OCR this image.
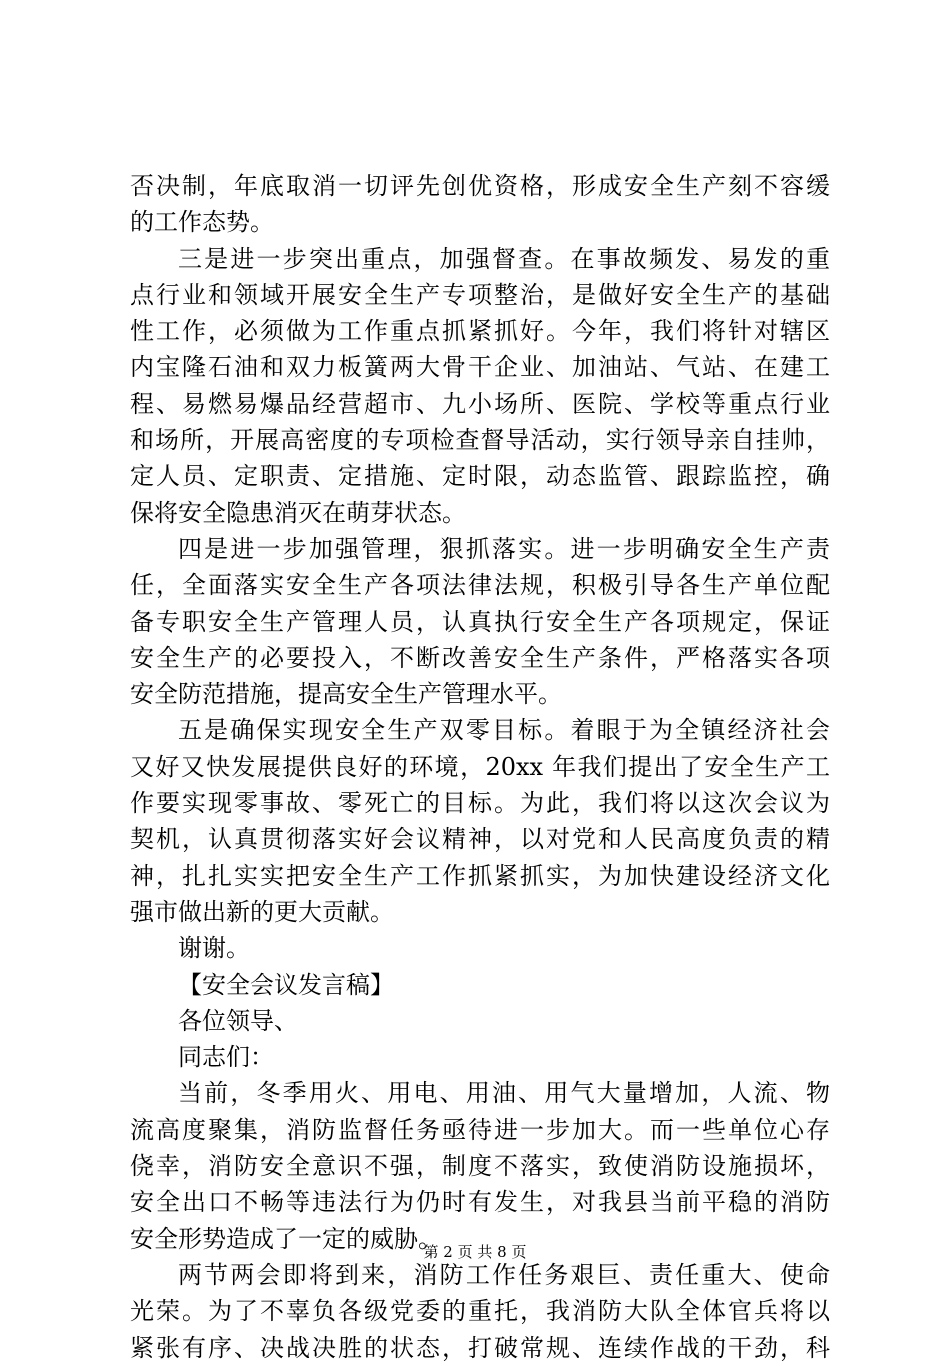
否决制，年底取消一切评先创优资格，形成安全生产刻不容缓
的工作态势。
三是进一步突出重点，加强督查。在事故频发、易发的重
点行业和领域开展安全生产专项整治，是做好安全生产的基础
性工作，必须做为工作重点抓紧抓好。今年，我们将针对辖区
内宝隆石油和双力板簧两大骨干企业、加油站、气站、在建工
程、易燃易爆品经营超市、九小场所、医院、学校等重点行业
和场所，开展高密度的专项检查督导活动，实行领导亲自挂帅，
定人员、定职责、定措施、定时限，动态监管、跟踪监控，确
保将安全隐患消灭在萌芽状态。
四是进一步加强管理，狠抓落实。进一步明确安全生产责
任，全面落实安全生产各项法律法规，积极引导各生产单位配
备专职安全生产管理人员，认真执行安全生产各项规定，保证
安全生产的必要投入，不断改善安全生产条件，严格落实各项
安全防范措施，提高安全生产管理水平。
五是确保实现安全生产双零目标。着眼于为全镇经济社会
又好又快发展提供良好的环境，20xx 年我们提出了安全生产工
作要实现零事故、零死亡的目标。为此，我们将以这次会议为
契机，认真贯彻落实好会议精神，以对党和人民高度负责的精
神，扎扎实实把安全生产工作抓紧抓实，为加快建设经济文化
强市做出新的更大贡献。
谢谢。
【安全会议发言稿】
各位领导、
同志们：
当前，冬季用火、用电、用油、用气大量增加，人流、物
流高度聚集，消防监督任务亟待进一步加大。而一些单位心存
侥幸，消防安全意识不强，制度不落实，致使消防设施损坏，
安全出口不畅等违法行为仍时有发生，对我县当前平稳的消防
安全形势造成了一定的威胁。
两节两会即将到来，消防工作任务艰巨、责任重大、使命
光荣。为了不辜负各级党委的重托，我消防大队全体官兵将以
紧张有序、决战决胜的状态，打破常规、连续作战的干劲，科
第 2 页 共 8 页
